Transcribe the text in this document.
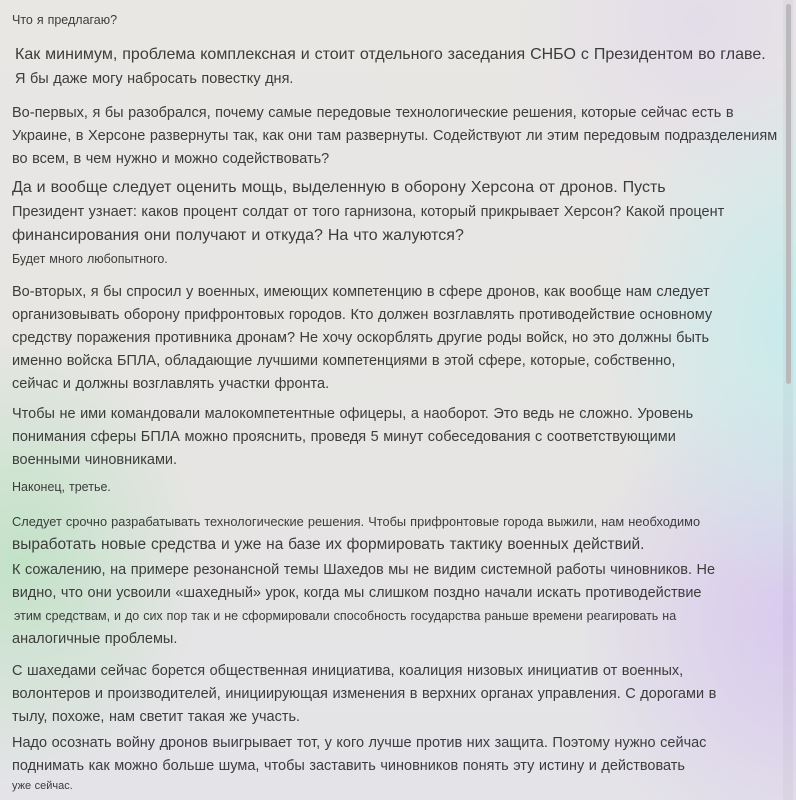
Что я предлагаю?

Как минимум, проблема комплексная и стоит отдельного заседания СНБО с Президентом во главе.
Я бы даже могу набросать повестку дня.

Во-первых, я бы разобрался, почему самые передовые технологические решения, которые сейчас есть в
Украине, в Херсоне развернуты так, как они там развернуты. Содействуют ли этим передовым подразделениям
во всем, в чем нужно и можно содействовать?

Да и вообще следует оценить мощь, выделенную в оборону Херсона от дронов. Пусть
Президент узнает: каков процент солдат от того гарнизона, который прикрывает Херсон? Какой процент
финансирования они получают и откуда? На что жалуются?

Будет много любопытного.

Во-вторых, я бы спросил у военных, имеющих компетенцию в сфере дронов, как вообще нам следует
организовывать оборону прифронтовых городов. Кто должен возглавлять противодействие основному
средству поражения противника дронам? Не хочу оскорблять другие роды войск, но это должны быть
именно войска БПЛА, обладающие лучшими компетенциями в этой сфере, которые, собственно,
сейчас и должны возглавлять участки фронта.

Чтобы не ими командовали малокомпетентные офицеры, а наоборот. Это ведь не сложно. Уровень
понимания сферы БПЛА можно прояснить, проведя 5 минут собеседования с соответствующими
военными чиновниками.

Наконец, третье.

Следует срочно разрабатывать технологические решения. Чтобы прифронтовые города выжили, нам необходимо
выработать новые средства и уже на базе их формировать тактику военных действий.

К сожалению, на примере резонансной темы Шахедов мы не видим системной работы чиновников. Не
видно, что они усвоили «шахедный» урок, когда мы слишком поздно начали искать противодействие
этим средствам, и до сих пор так и не сформировали способность государства раньше времени реагировать на
аналогичные проблемы.

С шахедами сейчас борется общественная инициатива, коалиция низовых инициатив от военных,
волонтеров и производителей, инициирующая изменения в верхних органах управления. С дорогами в
тылу, похоже, нам светит такая же участь.

Надо осознать войну дронов выигрывает тот, у кого лучше против них защита. Поэтому нужно сейчас
поднимать как можно больше шума, чтобы заставить чиновников понять эту истину и действовать
уже сейчас.
